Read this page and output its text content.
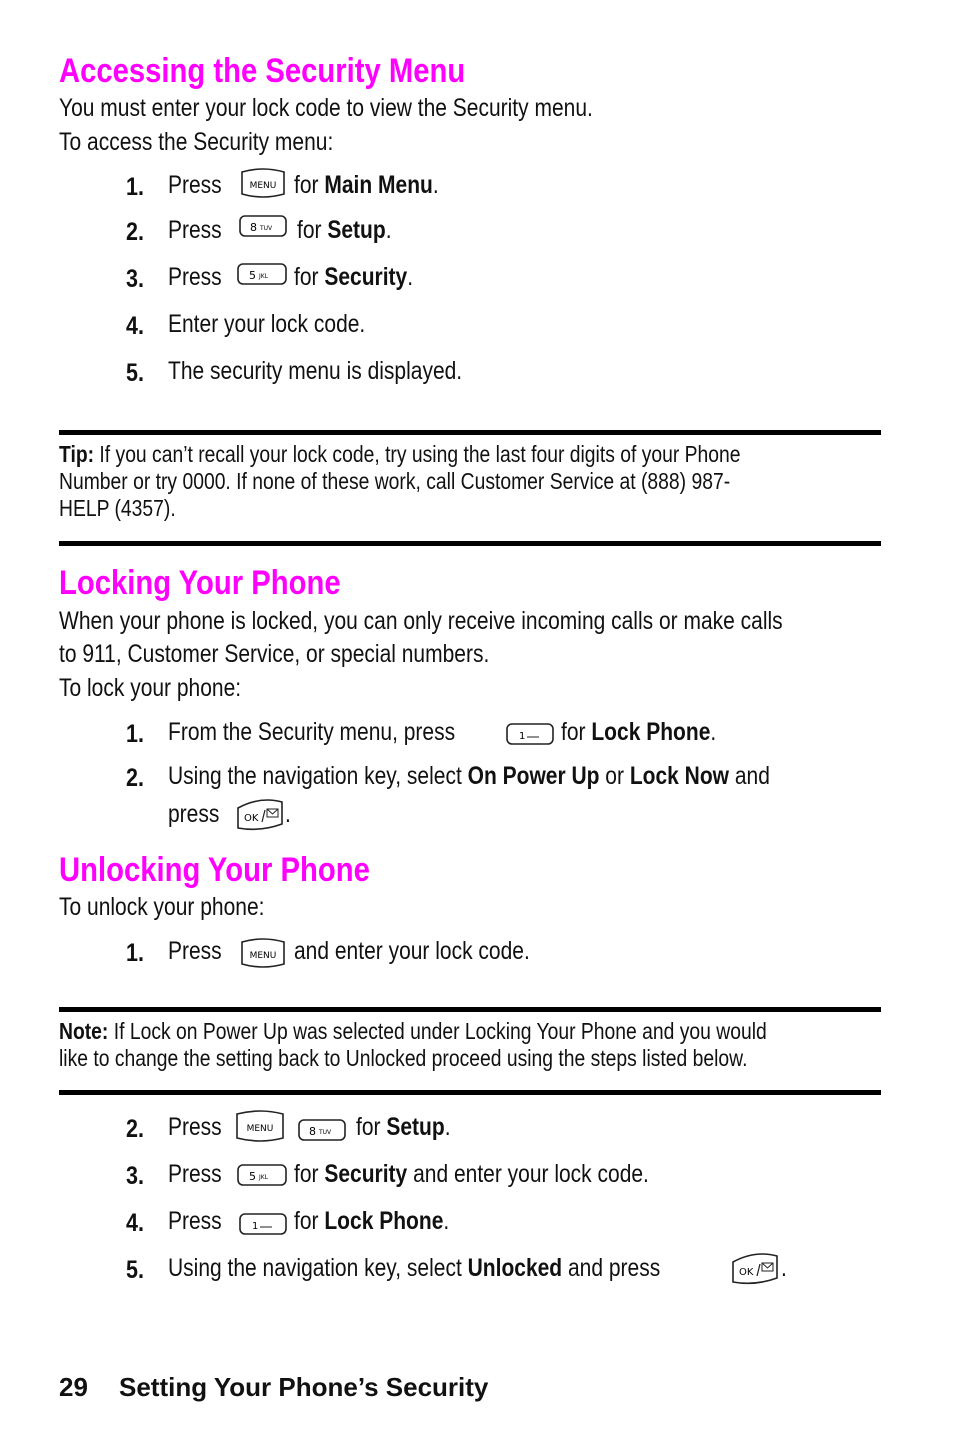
Accessing the Security Menu
You must enter your lock code to view the Security menu.
To access the Security menu:
1. Press	MENU for Main Menu.
2. Press	8 TUV for Setup.
3. Press 5 JKL for Security.
4. Enter your lock code.
5. The security menu is displayed.
Tip: If you can’t recall your lock code, try using the last four digits of your Phone
Number or try 0000. If none of these work, call Customer Service at (888) 987-
HELP (4357).
Locking Your Phone
When your phone is locked, you can only receive incoming calls or make calls
to 911, Customer Service, or special numbers.
To lock your phone:
1. From the Security menu, press	1 for Lock Phone.
2. Using the navigation key, select On Power Up or Lock Now and
press OK .
Unlocking Your Phone
To unlock your phone:
1. Press	MENU and enter your lock code.
Note: If Lock on Power Up was selected under Locking Your Phone and you would
like to change the setting back to Unlocked proceed using the steps listed below.
2. Press	MENU	8 TUV for Setup.
3. Press 5 JKL for Security and enter your lock code.
4. Press	1 for Lock Phone.
5. Using the navigation key, select Unlocked and press	OK .
29 Setting Your Phone’s Security
